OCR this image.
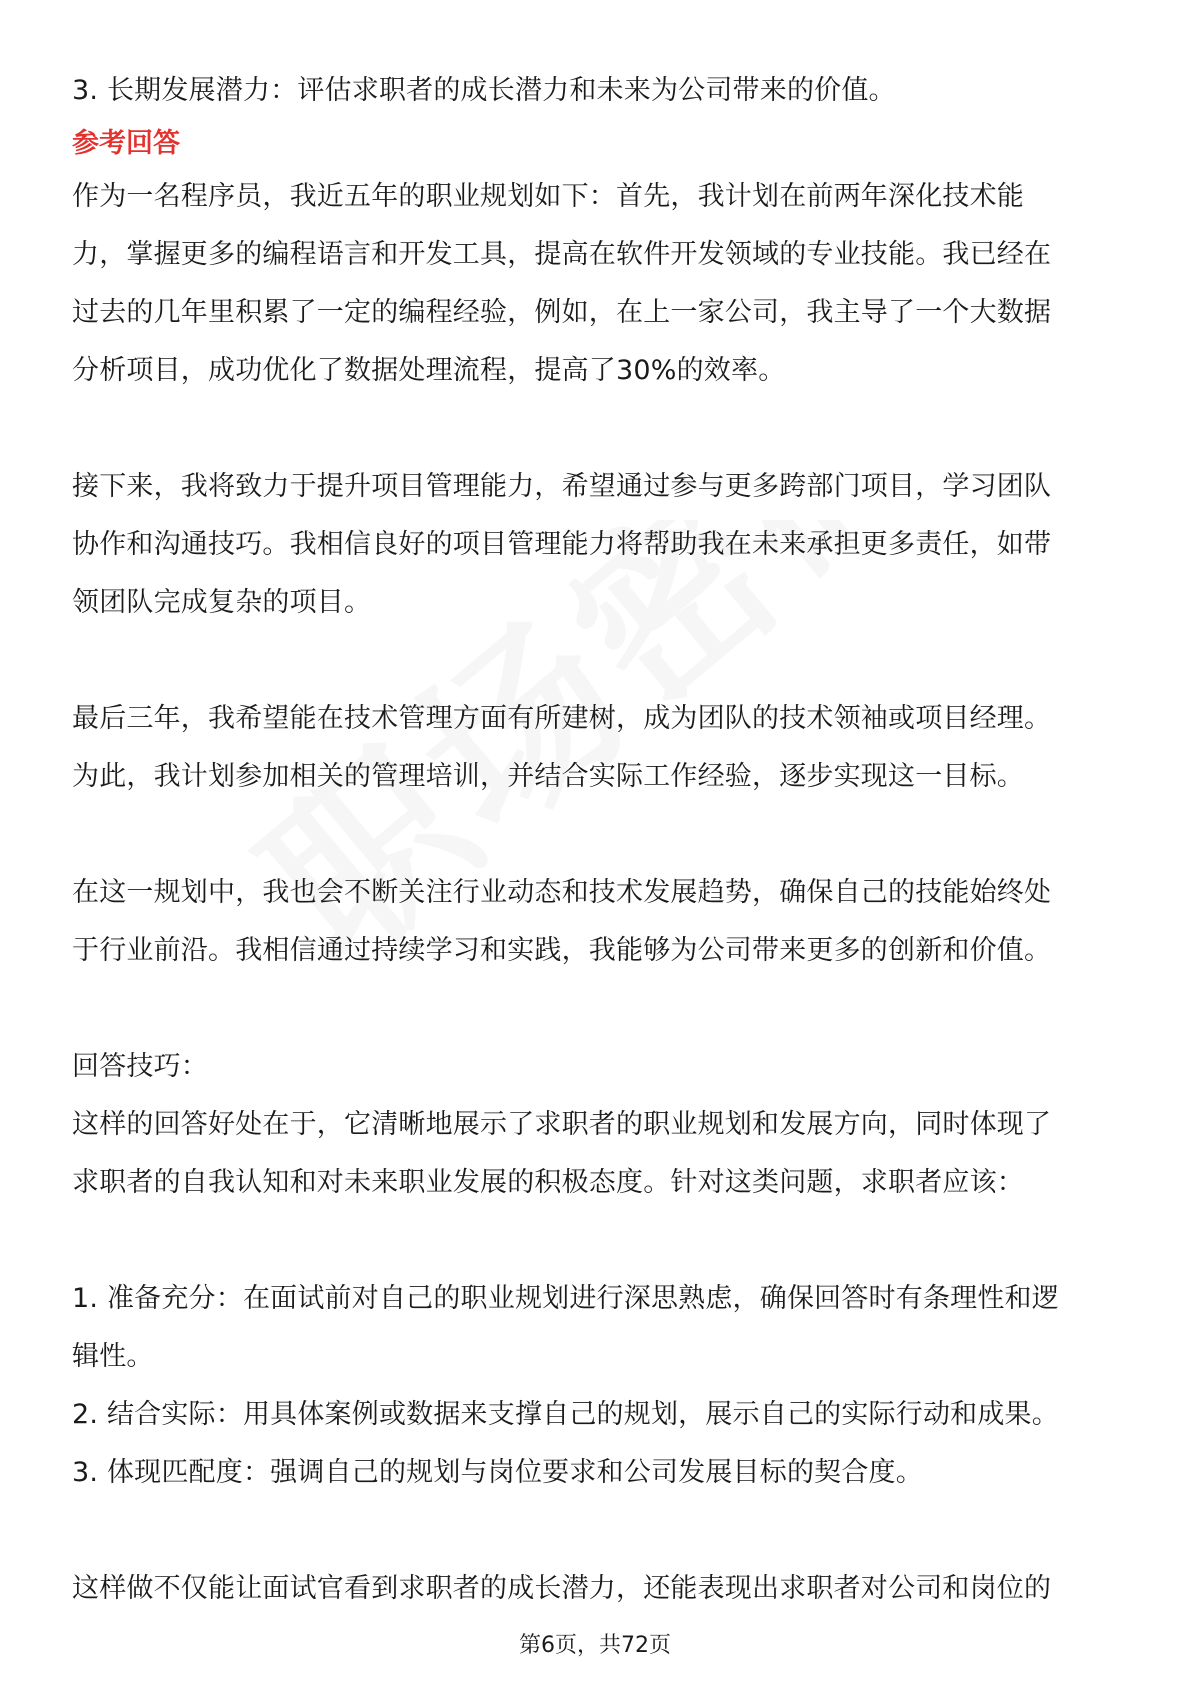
3. 长期发展潜力：评估求职者的成长潜力和未来为公司带来的价值。
参考回答
作为一名程序员，我近五年的职业规划如下：首先，我计划在前两年深化技术能
力，掌握更多的编程语言和开发工具，提高在软件开发领域的专业技能。我已经在
过去的几年里积累了一定的编程经验，例如，在上一家公司，我主导了一个大数据
分析项目，成功优化了数据处理流程，提高了30%的效率。
接下来，我将致力于提升项目管理能力，希望通过参与更多跨部门项目，学习团队
协作和沟通技巧。我相信良好的项目管理能力将帮助我在未来承担更多责任，如带
领团队完成复杂的项目。
最后三年，我希望能在技术管理方面有所建树，成为团队的技术领袖或项目经理。
为此，我计划参加相关的管理培训，并结合实际工作经验，逐步实现这一目标。
在这一规划中，我也会不断关注行业动态和技术发展趋势，确保自己的技能始终处
于行业前沿。我相信通过持续学习和实践，我能够为公司带来更多的创新和价值。
回答技巧：
这样的回答好处在于，它清晰地展示了求职者的职业规划和发展方向，同时体现了
求职者的自我认知和对未来职业发展的积极态度。针对这类问题，求职者应该：
1. 准备充分：在面试前对自己的职业规划进行深思熟虑，确保回答时有条理性和逻
辑性。
2. 结合实际：用具体案例或数据来支撑自己的规划，展示自己的实际行动和成果。
3. 体现匹配度：强调自己的规划与岗位要求和公司发展目标的契合度。
这样做不仅能让面试官看到求职者的成长潜力，还能表现出求职者对公司和岗位的
第6页，共72页
